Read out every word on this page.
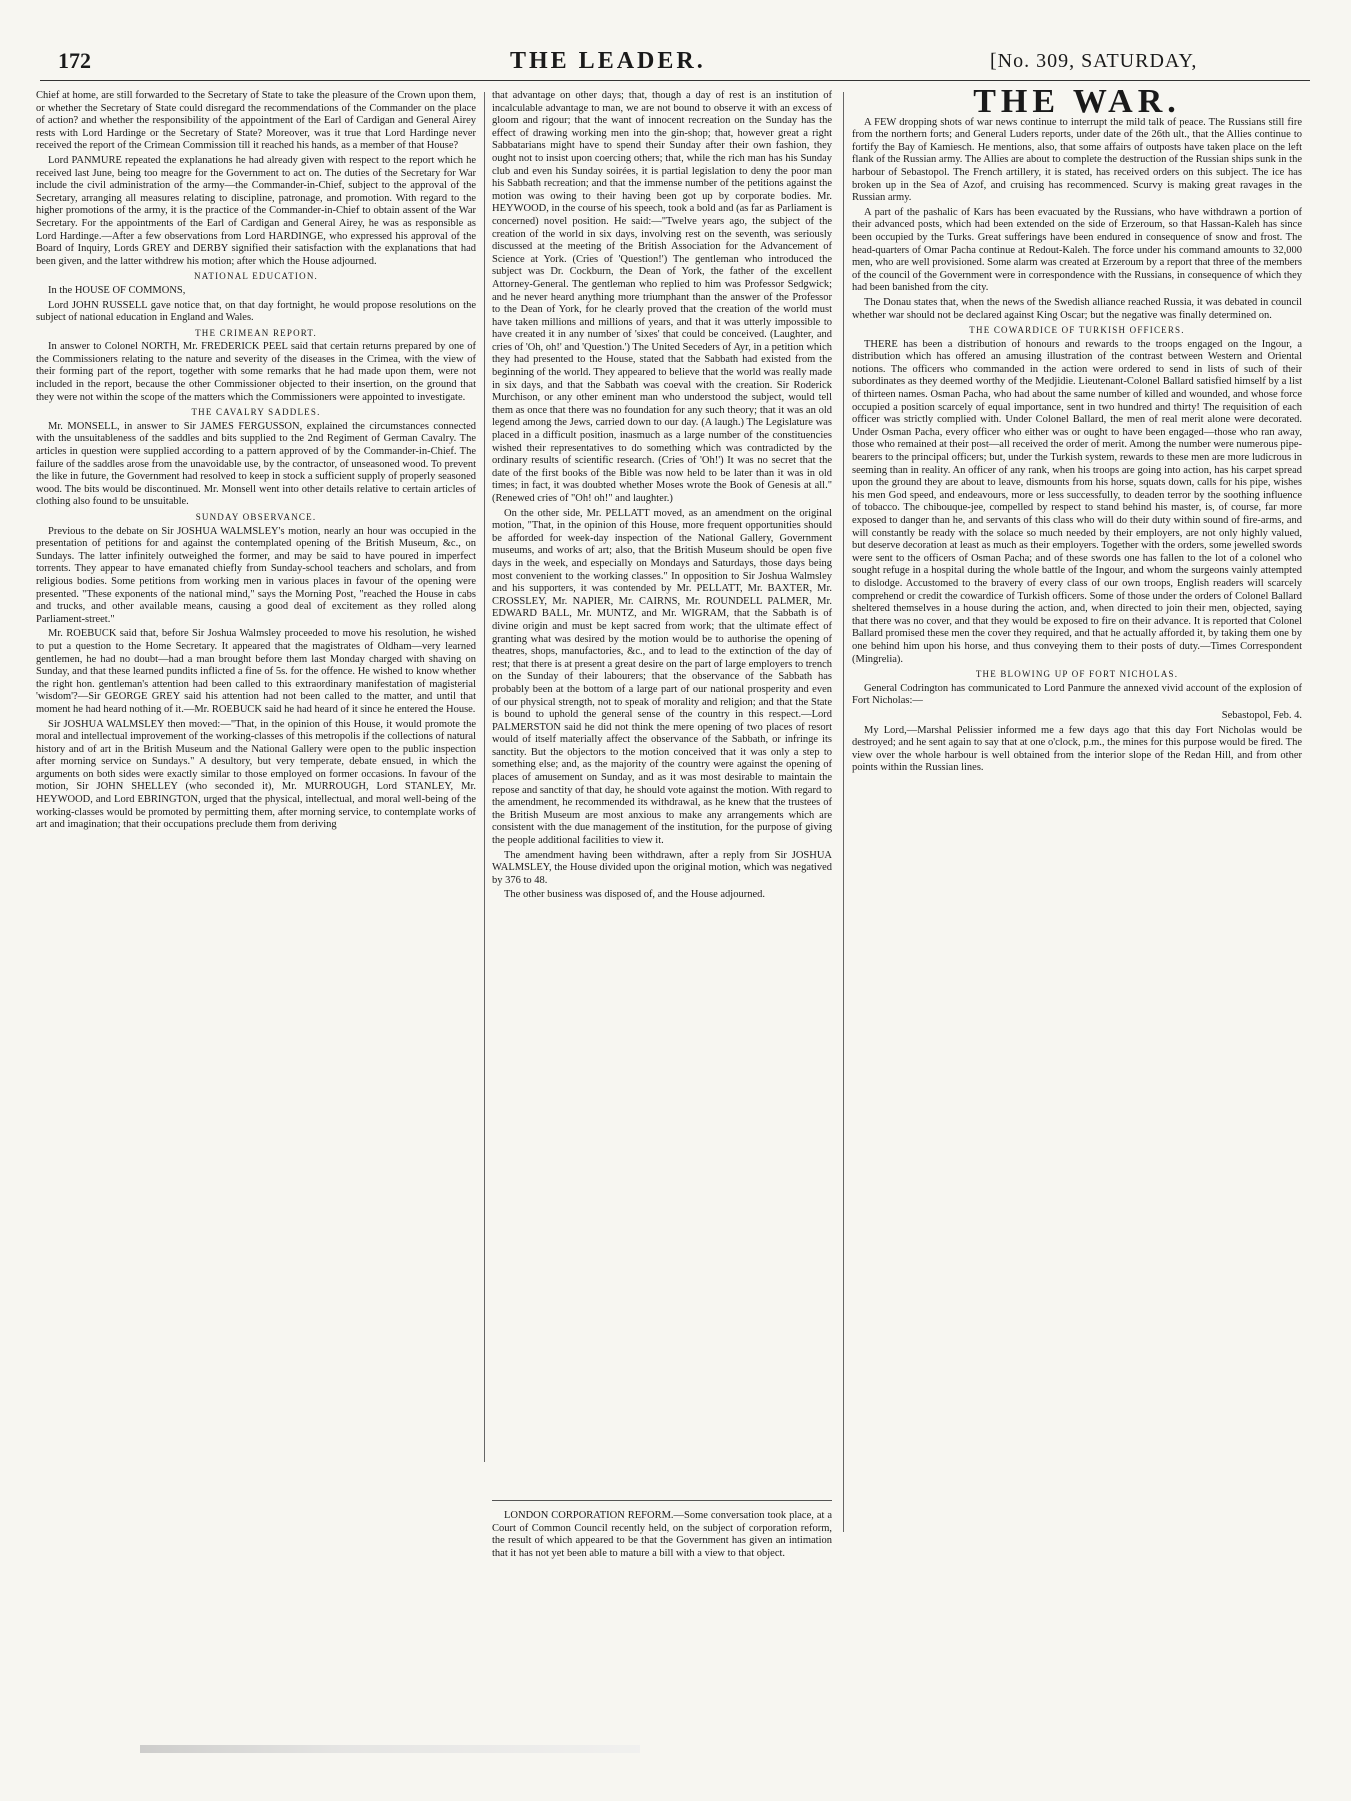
172	THE LEADER.	[No. 309, SATURDAY,

Chief at home, are still forwarded to the Secretary of State to take the pleasure of the Crown upon them, or whether the Secretary of State could disregard the recommendations of the Commander on the place of action? and whether the responsibility of the appointment of the Earl of Cardigan and General Airey rests with Lord Hardinge or the Secretary of State? Moreover, was it true that Lord Hardinge never received the report of the Crimean Commission till it reached his hands, as a member of that House?

Lord PANMURE repeated the explanations he had already given with respect to the report which he received last June, being too meagre for the Government to act on. The duties of the Secretary for War include the civil administration of the army—the Commander-in-Chief, subject to the approval of the Secretary, arranging all measures relating to discipline, patronage, and promotion. With regard to the higher promotions of the army, it is the practice of the Commander-in-Chief to obtain assent of the War Secretary. For the appointments of the Earl of Cardigan and General Airey, he was as responsible as Lord Hardinge.—After a few observations from Lord HARDINGE, who expressed his approval of the Board of Inquiry, Lords GREY and DERBY signified their satisfaction with the explanations that had been given, and the latter withdrew his motion; after which the House adjourned.

NATIONAL EDUCATION.

In the HOUSE OF COMMONS,

Lord JOHN RUSSELL gave notice that, on that day fortnight, he would propose resolutions on the subject of national education in England and Wales.

THE CRIMEAN REPORT.

In answer to Colonel NORTH, Mr. FREDERICK PEEL said that certain returns prepared by one of the Commissioners relating to the nature and severity of the diseases in the Crimea, with the view of their forming part of the report, together with some remarks that he had made upon them, were not included in the report, because the other Commissioner objected to their insertion, on the ground that they were not within the scope of the matters which the Commissioners were appointed to investigate.

THE CAVALRY SADDLES.

Mr. MONSELL, in answer to Sir JAMES FERGUSSON, explained the circumstances connected with the unsuitableness of the saddles and bits supplied to the 2nd Regiment of German Cavalry. The articles in question were supplied according to a pattern approved of by the Commander-in-Chief. The failure of the saddles arose from the unavoidable use, by the contractor, of unseasoned wood. To prevent the like in future, the Government had resolved to keep in stock a sufficient supply of properly seasoned wood. The bits would be discontinued. Mr. Monsell went into other details relative to certain articles of clothing also found to be unsuitable.

SUNDAY OBSERVANCE.

Previous to the debate on Sir JOSHUA WALMSLEY's motion, nearly an hour was occupied in the presentation of petitions for and against the contemplated opening of the British Museum, &c., on Sundays. The latter infinitely outweighed the former, and may be said to have poured in imperfect torrents. They appear to have emanated chiefly from Sunday-school teachers and scholars, and from religious bodies. Some petitions from working men in various places in favour of the opening were presented. "These exponents of the national mind," says the Morning Post, "reached the House in cabs and trucks, and other available means, causing a good deal of excitement as they rolled along Parliament-street."

Mr. ROEBUCK said that, before Sir Joshua Walmsley proceeded to move his resolution, he wished to put a question to the Home Secretary. It appeared that the magistrates of Oldham—very learned gentlemen, he had no doubt—had a man brought before them last Monday charged with shaving on Sunday, and that these learned pundits inflicted a fine of 5s. for the offence. He wished to know whether the right hon. gentleman's attention had been called to this extraordinary manifestation of magisterial 'wisdom'?—Sir GEORGE GREY said his attention had not been called to the matter, and until that moment he had heard nothing of it.—Mr. ROEBUCK said he had heard of it since he entered the House.

Sir JOSHUA WALMSLEY then moved:—"That, in the opinion of this House, it would promote the moral and intellectual improvement of the working-classes of this metropolis if the collections of natural history and of art in the British Museum and the National Gallery were open to the public inspection after morning service on Sundays." A desultory, but very temperate, debate ensued, in which the arguments on both sides were exactly similar to those employed on former occasions. In favour of the motion, Sir JOHN SHELLEY (who seconded it), Mr. MURROUGH, Lord STANLEY, Mr. HEYWOOD, and Lord EBRINGTON, urged that the physical, intellectual, and moral well-being of the working-classes would be promoted by permitting them, after morning service, to contemplate works of art and imagination; that their occupations preclude them from deriving

that advantage on other days; that, though a day of rest is an institution of incalculable advantage to man, we are not bound to observe it with an excess of gloom and rigour; that the want of innocent recreation on the Sunday has the effect of drawing working men into the gin-shop; that, however great a right Sabbatarians might have to spend their Sunday after their own fashion, they ought not to insist upon coercing others; that, while the rich man has his Sunday club and even his Sunday soirées, it is partial legislation to deny the poor man his Sabbath recreation; and that the immense number of the petitions against the motion was owing to their having been got up by corporate bodies. Mr. HEYWOOD, in the course of his speech, took a bold and (as far as Parliament is concerned) novel position. He said:—"Twelve years ago, the subject of the creation of the world in six days, involving rest on the seventh, was seriously discussed at the meeting of the British Association for the Advancement of Science at York. (Cries of 'Question!') The gentleman who introduced the subject was Dr. Cockburn, the Dean of York, the father of the excellent Attorney-General. The gentleman who replied to him was Professor Sedgwick; and he never heard anything more triumphant than the answer of the Professor to the Dean of York, for he clearly proved that the creation of the world must have taken millions and millions of years, and that it was utterly impossible to have created it in any number of 'sixes' that could be conceived. (Laughter, and cries of 'Oh, oh!' and 'Question.') The United Seceders of Ayr, in a petition which they had presented to the House, stated that the Sabbath had existed from the beginning of the world. They appeared to believe that the world was really made in six days, and that the Sabbath was coeval with the creation. Sir Roderick Murchison, or any other eminent man who understood the subject, would tell them as once that there was no foundation for any such theory; that it was an old legend among the Jews, carried down to our day. (A laugh.) The Legislature was placed in a difficult position, inasmuch as a large number of the constituencies wished their representatives to do something which was contradicted by the ordinary results of scientific research. (Cries of 'Oh!') It was no secret that the date of the first books of the Bible was now held to be later than it was in old times; in fact, it was doubted whether Moses wrote the Book of Genesis at all." (Renewed cries of "Oh! oh!" and laughter.)

On the other side, Mr. PELLATT moved, as an amendment on the original motion, "That, in the opinion of this House, more frequent opportunities should be afforded for week-day inspection of the National Gallery, Government museums, and works of art; also, that the British Museum should be open five days in the week, and especially on Mondays and Saturdays, those days being most convenient to the working classes." In opposition to Sir Joshua Walmsley and his supporters, it was contended by Mr. PELLATT, Mr. BAXTER, Mr. CROSSLEY, Mr. NAPIER, Mr. CAIRNS, Mr. ROUNDELL PALMER, Mr. EDWARD BALL, Mr. MUNTZ, and Mr. WIGRAM, that the Sabbath is of divine origin and must be kept sacred from work; that the ultimate effect of granting what was desired by the motion would be to authorise the opening of theatres, shops, manufactories, &c., and to lead to the extinction of the day of rest; that there is at present a great desire on the part of large employers to trench on the Sunday of their labourers; that the observance of the Sabbath has probably been at the bottom of a large part of our national prosperity and even of our physical strength, not to speak of morality and religion; and that the State is bound to uphold the general sense of the country in this respect.—Lord PALMERSTON said he did not think the mere opening of two places of resort would of itself materially affect the observance of the Sabbath, or infringe its sanctity. But the objectors to the motion conceived that it was only a step to something else; and, as the majority of the country were against the opening of places of amusement on Sunday, and as it was most desirable to maintain the repose and sanctity of that day, he should vote against the motion. With regard to the amendment, he recommended its withdrawal, as he knew that the trustees of the British Museum are most anxious to make any arrangements which are consistent with the due management of the institution, for the purpose of giving the people additional facilities to view it.

The amendment having been withdrawn, after a reply from Sir JOSHUA WALMSLEY, the House divided upon the original motion, which was negatived by 376 to 48.

The other business was disposed of, and the House adjourned.

LONDON CORPORATION REFORM.—Some conversation took place, at a Court of Common Council recently held, on the subject of corporation reform, the result of which appeared to be that the Government has given an intimation that it has not yet been able to mature a bill with a view to that object.

THE WAR.

A FEW dropping shots of war news continue to interrupt the mild talk of peace. The Russians still fire from the northern forts; and General Luders reports, under date of the 26th ult., that the Allies continue to fortify the Bay of Kamiesch. He mentions, also, that some affairs of outposts have taken place on the left flank of the Russian army. The Allies are about to complete the destruction of the Russian ships sunk in the harbour of Sebastopol. The French artillery, it is stated, has received orders on this subject. The ice has broken up in the Sea of Azof, and cruising has recommenced. Scurvy is making great ravages in the Russian army.

A part of the pashalic of Kars has been evacuated by the Russians, who have withdrawn a portion of their advanced posts, which had been extended on the side of Erzeroum, so that Hassan-Kaleh has since been occupied by the Turks. Great sufferings have been endured in consequence of snow and frost. The head-quarters of Omar Pacha continue at Redout-Kaleh. The force under his command amounts to 32,000 men, who are well provisioned. Some alarm was created at Erzeroum by a report that three of the members of the council of the Government were in correspondence with the Russians, in consequence of which they had been banished from the city.

The Donau states that, when the news of the Swedish alliance reached Russia, it was debated in council whether war should not be declared against King Oscar; but the negative was finally determined on.

THE COWARDICE OF TURKISH OFFICERS.

THERE has been a distribution of honours and rewards to the troops engaged on the Ingour, a distribution which has offered an amusing illustration of the contrast between Western and Oriental notions. The officers who commanded in the action were ordered to send in lists of such of their subordinates as they deemed worthy of the Medjidie. Lieutenant-Colonel Ballard satisfied himself by a list of thirteen names. Osman Pacha, who had about the same number of killed and wounded, and whose force occupied a position scarcely of equal importance, sent in two hundred and thirty! The requisition of each officer was strictly complied with. Under Colonel Ballard, the men of real merit alone were decorated. Under Osman Pacha, every officer who either was or ought to have been engaged—those who ran away, those who remained at their post—all received the order of merit. Among the number were numerous pipe-bearers to the principal officers; but, under the Turkish system, rewards to these men are more ludicrous in seeming than in reality. An officer of any rank, when his troops are going into action, has his carpet spread upon the ground they are about to leave, dismounts from his horse, squats down, calls for his pipe, wishes his men God speed, and endeavours, more or less successfully, to deaden terror by the soothing influence of tobacco. The chibouque-jee, compelled by respect to stand behind his master, is, of course, far more exposed to danger than he, and servants of this class who will do their duty within sound of fire-arms, and will constantly be ready with the solace so much needed by their employers, are not only highly valued, but deserve decoration at least as much as their employers. Together with the orders, some jewelled swords were sent to the officers of Osman Pacha; and of these swords one has fallen to the lot of a colonel who sought refuge in a hospital during the whole battle of the Ingour, and whom the surgeons vainly attempted to dislodge. Accustomed to the bravery of every class of our own troops, English readers will scarcely comprehend or credit the cowardice of Turkish officers. Some of those under the orders of Colonel Ballard sheltered themselves in a house during the action, and, when directed to join their men, objected, saying that there was no cover, and that they would be exposed to fire on their advance. It is reported that Colonel Ballard promised these men the cover they required, and that he actually afforded it, by taking them one by one behind him upon his horse, and thus conveying them to their posts of duty.—Times Correspondent (Mingrelia).

THE BLOWING UP OF FORT NICHOLAS.

General Codrington has communicated to Lord Panmure the annexed vivid account of the explosion of Fort Nicholas:—

Sebastopol, Feb. 4.

My Lord,—Marshal Pelissier informed me a few days ago that this day Fort Nicholas would be destroyed; and he sent again to say that at one o'clock, p.m., the mines for this purpose would be fired. The view over the whole harbour is well obtained from the interior slope of the Redan Hill, and from other points within the Russian lines.
